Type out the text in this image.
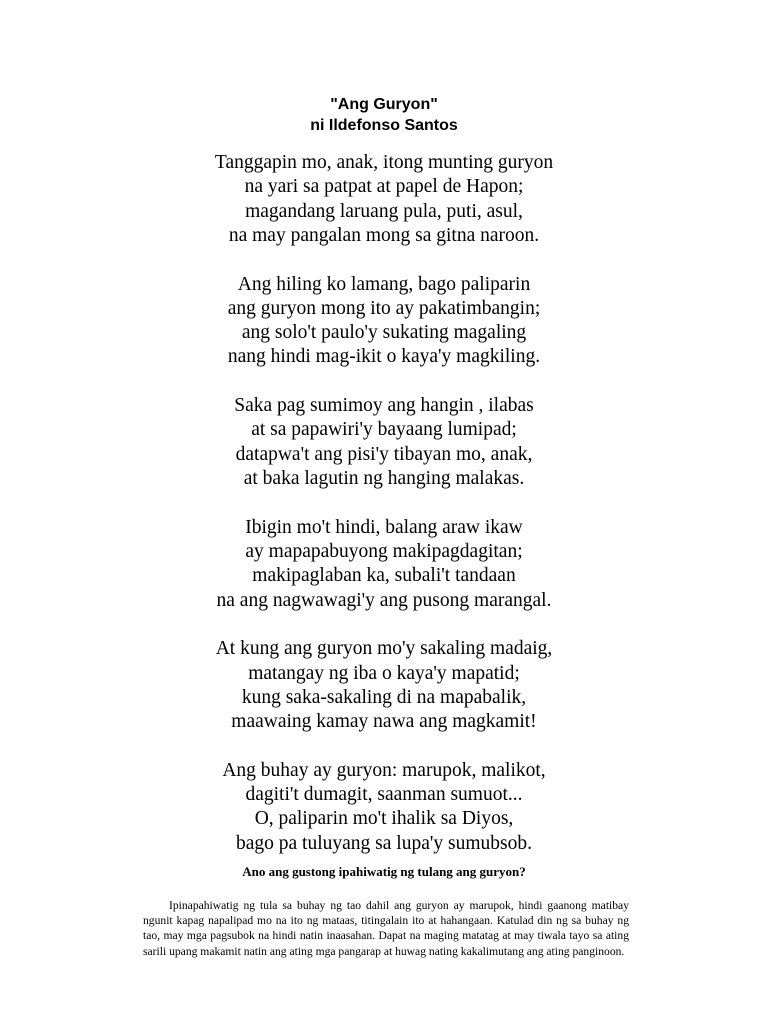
"Ang Guryon"
ni Ildefonso Santos
Tanggapin mo, anak, itong munting guryon
na yari sa patpat at papel de Hapon;
magandang laruang pula, puti, asul,
na may pangalan mong sa gitna naroon.
Ang hiling ko lamang, bago paliparin
ang guryon mong ito ay pakatimbangin;
ang solo't paulo'y sukating magaling
nang hindi mag-ikit o kaya'y magkiling.
Saka pag sumimoy ang hangin , ilabas
at sa papawiri'y bayaang lumipad;
datapwa't ang pisi'y tibayan mo, anak,
at baka lagutin ng hanging malakas.
Ibigin mo't hindi, balang araw ikaw
ay mapapabuyong makipagdagitan;
makipaglaban ka, subali't tandaan
na ang nagwawagi'y ang pusong marangal.
At kung ang guryon mo'y sakaling madaig,
matangay ng iba o kaya'y mapatid;
kung saka-sakaling di na mapabalik,
maawaing kamay nawa ang magkamit!
Ang buhay ay guryon: marupok, malikot,
dagiti't dumagit, saanman sumuot...
O, paliparin mo't ihalik sa Diyos,
bago pa tuluyang sa lupa'y sumubsob.
Ano ang gustong ipahiwatig ng tulang ang guryon?

Ipinapahiwatig ng tula sa buhay ng tao dahil ang guryon ay marupok, hindi gaanong matibay ngunit kapag napalipad mo na ito ng mataas, titingalain ito at hahangaan. Katulad din ng sa buhay ng tao, may mga pagsubok na hindi natin inaasahan. Dapat na maging matatag at may tiwala tayo sa ating sarili upang makamit natin ang ating mga pangarap at huwag nating kakalimutang ang ating panginoon.
